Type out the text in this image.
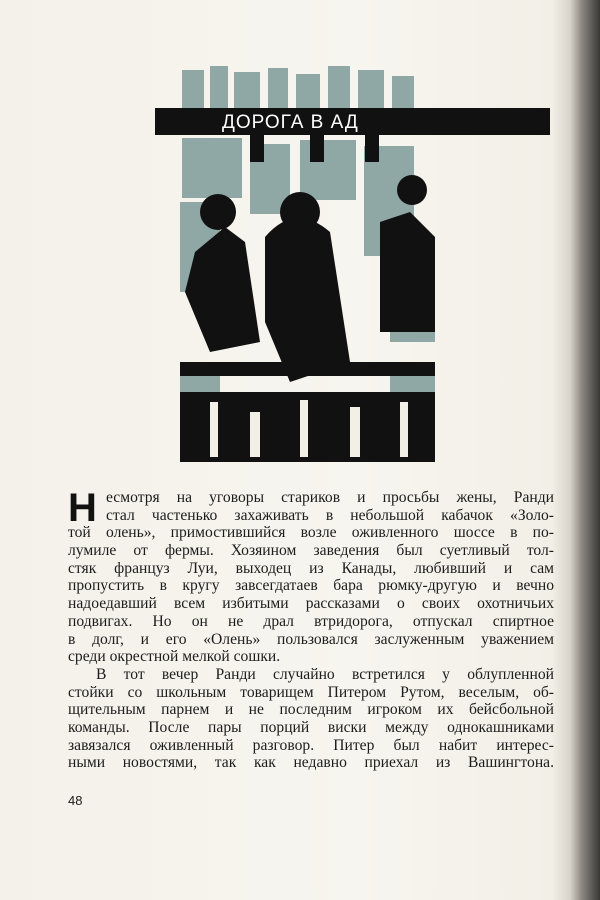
ДОРОГА В АД
Н есмотря на уговоры стариков и просьбы жены, Ранди
стал частенько захаживать в небольшой кабачок «Золо-
той олень», примостившийся возле оживленного шоссе в по-
лумиле от фермы. Хозяином заведения был суетливый тол-
стяк француз Луи, выходец из Канады, любивший и сам
пропустить в кругу завсегдатаев бара рюмку-другую и вечно
надоедавший всем избитыми рассказами о своих охотничьих
подвигах. Но он не драл втридорога, отпускал спиртное
в долг, и его «Олень» пользовался заслуженным уважением
среди окрестной мелкой сошки.
В тот вечер Ранди случайно встретился у облупленной
стойки со школьным товарищем Питером Рутом, веселым, об-
щительным парнем и не последним игроком их бейсбольной
команды. После пары порций виски между однокашниками
завязался оживленный разговор. Питер был набит интерес-
ными новостями, так как недавно приехал из Вашингтона.
48
